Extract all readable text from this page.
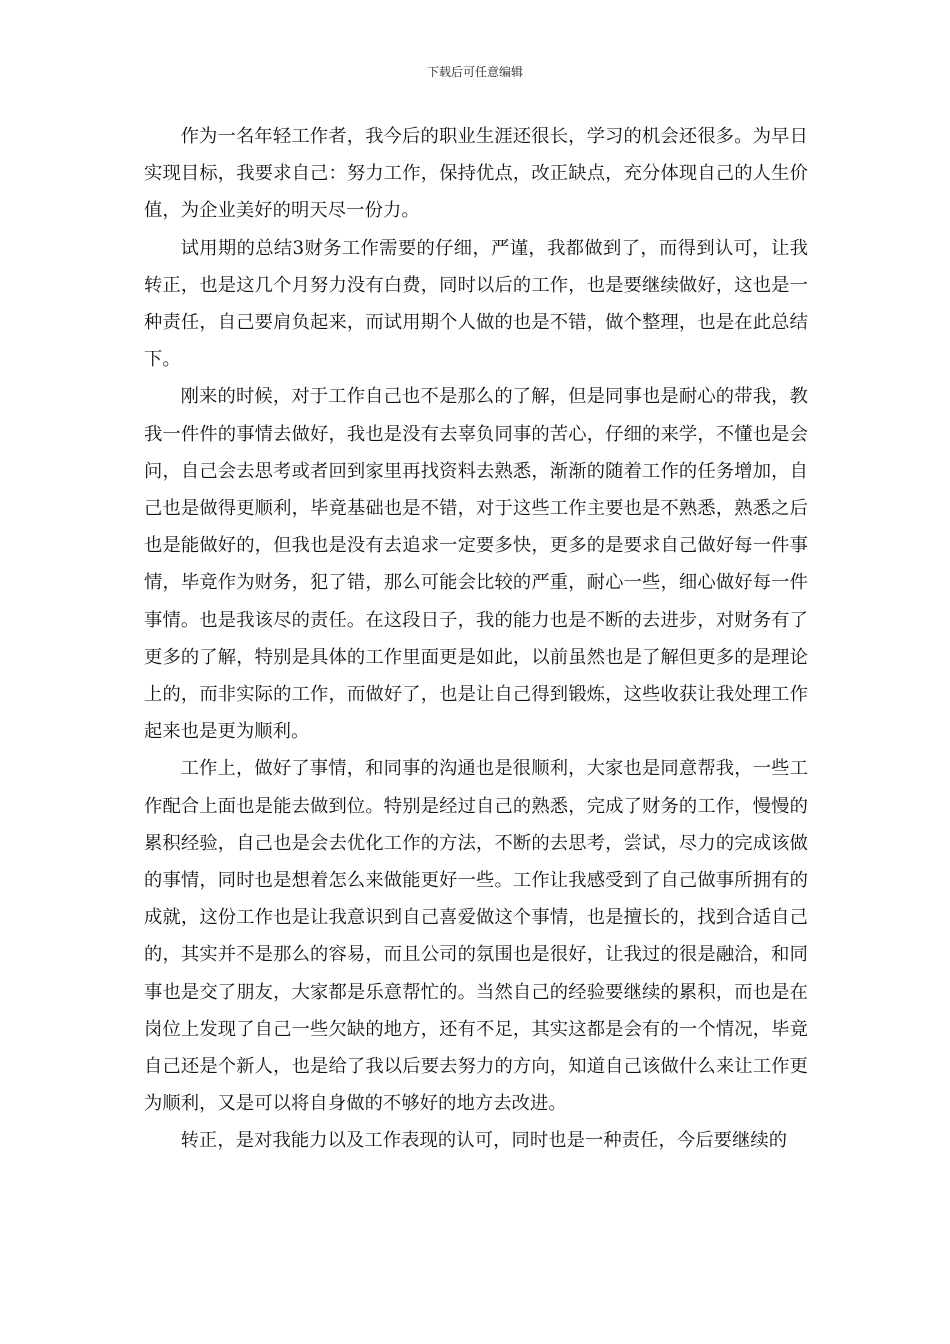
下载后可任意编辑

作为一名年轻工作者，我今后的职业生涯还很长，学习的机会还很多。为早日实现目标，我要求自己：努力工作，保持优点，改正缺点，充分体现自己的人生价值，为企业美好的明天尽一份力。

试用期的总结3财务工作需要的仔细，严谨，我都做到了，而得到认可，让我转正，也是这几个月努力没有白费，同时以后的工作，也是要继续做好，这也是一种责任，自己要肩负起来，而试用期个人做的也是不错，做个整理，也是在此总结下。

刚来的时候，对于工作自己也不是那么的了解，但是同事也是耐心的带我，教我一件件的事情去做好，我也是没有去辜负同事的苦心，仔细的来学，不懂也是会问，自己会去思考或者回到家里再找资料去熟悉，渐渐的随着工作的任务增加，自己也是做得更顺利，毕竟基础也是不错，对于这些工作主要也是不熟悉，熟悉之后也是能做好的，但我也是没有去追求一定要多快，更多的是要求自己做好每一件事情，毕竟作为财务，犯了错，那么可能会比较的严重，耐心一些，细心做好每一件事情。也是我该尽的责任。在这段日子，我的能力也是不断的去进步，对财务有了更多的了解，特别是具体的工作里面更是如此，以前虽然也是了解但更多的是理论上的，而非实际的工作，而做好了，也是让自己得到锻炼，这些收获让我处理工作起来也是更为顺利。

工作上，做好了事情，和同事的沟通也是很顺利，大家也是同意帮我，一些工作配合上面也是能去做到位。特别是经过自己的熟悉，完成了财务的工作，慢慢的累积经验，自己也是会去优化工作的方法，不断的去思考，尝试，尽力的完成该做的事情，同时也是想着怎么来做能更好一些。工作让我感受到了自己做事所拥有的成就，这份工作也是让我意识到自己喜爱做这个事情，也是擅长的，找到合适自己的，其实并不是那么的容易，而且公司的氛围也是很好，让我过的很是融洽，和同事也是交了朋友，大家都是乐意帮忙的。当然自己的经验要继续的累积，而也是在岗位上发现了自己一些欠缺的地方，还有不足，其实这都是会有的一个情况，毕竟自己还是个新人，也是给了我以后要去努力的方向，知道自己该做什么来让工作更为顺利，又是可以将自身做的不够好的地方去改进。

转正，是对我能力以及工作表现的认可，同时也是一种责任，今后要继续的
